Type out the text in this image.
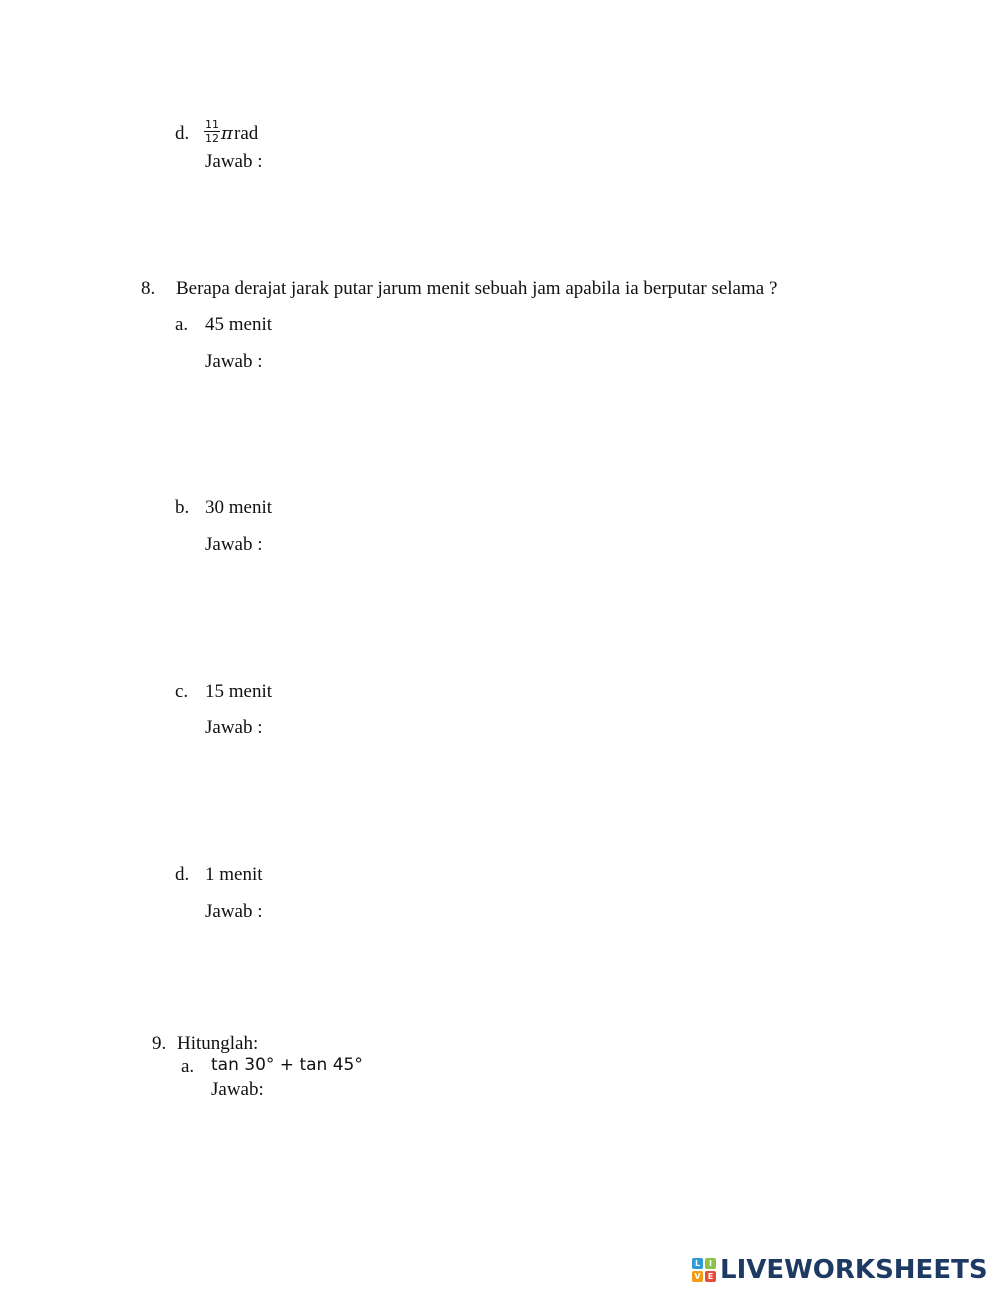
d. 11
12 π rad
Jawab :
8. Berapa derajat jarak putar jarum menit sebuah jam apabila ia berputar selama ?
a. 45 menit
Jawab :
b. 30 menit
Jawab :
c. 15 menit
Jawab :
d. 1 menit
Jawab :
9. Hitunglah:
a. tan 30° + tan 45°
Jawab:
L	I
V E LIVEWORKSHEETS
